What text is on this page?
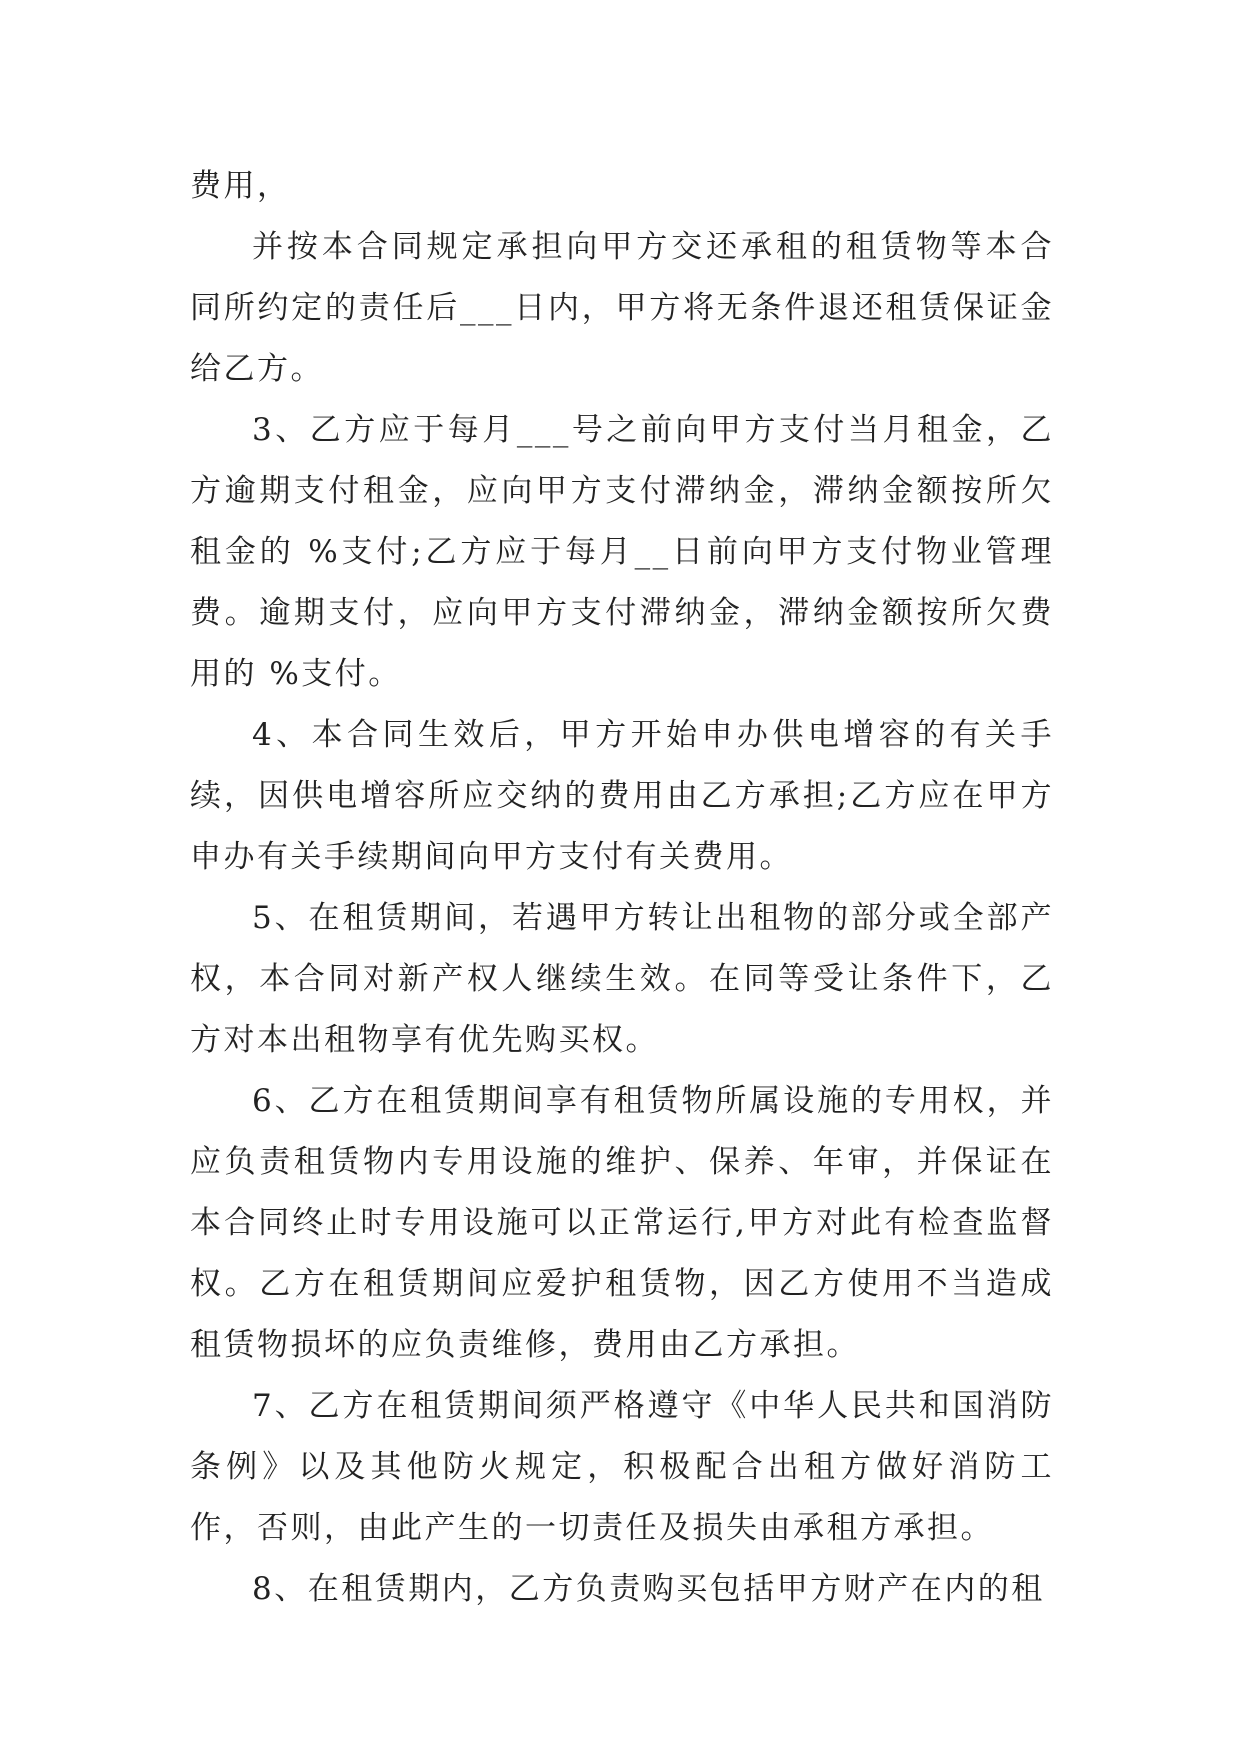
费用，

并按本合同规定承担向甲方交还承租的租赁物等本合同所约定的责任后___日内，甲方将无条件退还租赁保证金给乙方。

3、乙方应于每月___号之前向甲方支付当月租金，乙方逾期支付租金，应向甲方支付滞纳金，滞纳金额按所欠租金的 %支付;乙方应于每月__日前向甲方支付物业管理费。逾期支付，应向甲方支付滞纳金，滞纳金额按所欠费用的 %支付。

4、本合同生效后，甲方开始申办供电增容的有关手续，因供电增容所应交纳的费用由乙方承担;乙方应在甲方申办有关手续期间向甲方支付有关费用。

5、在租赁期间，若遇甲方转让出租物的部分或全部产权，本合同对新产权人继续生效。在同等受让条件下，乙方对本出租物享有优先购买权。

6、乙方在租赁期间享有租赁物所属设施的专用权，并应负责租赁物内专用设施的维护、保养、年审，并保证在本合同终止时专用设施可以正常运行,甲方对此有检查监督权。乙方在租赁期间应爱护租赁物，因乙方使用不当造成租赁物损坏的应负责维修，费用由乙方承担。

7、乙方在租赁期间须严格遵守《中华人民共和国消防条例》以及其他防火规定，积极配合出租方做好消防工作，否则，由此产生的一切责任及损失由承租方承担。

8、在租赁期内，乙方负责购买包括甲方财产在内的租
